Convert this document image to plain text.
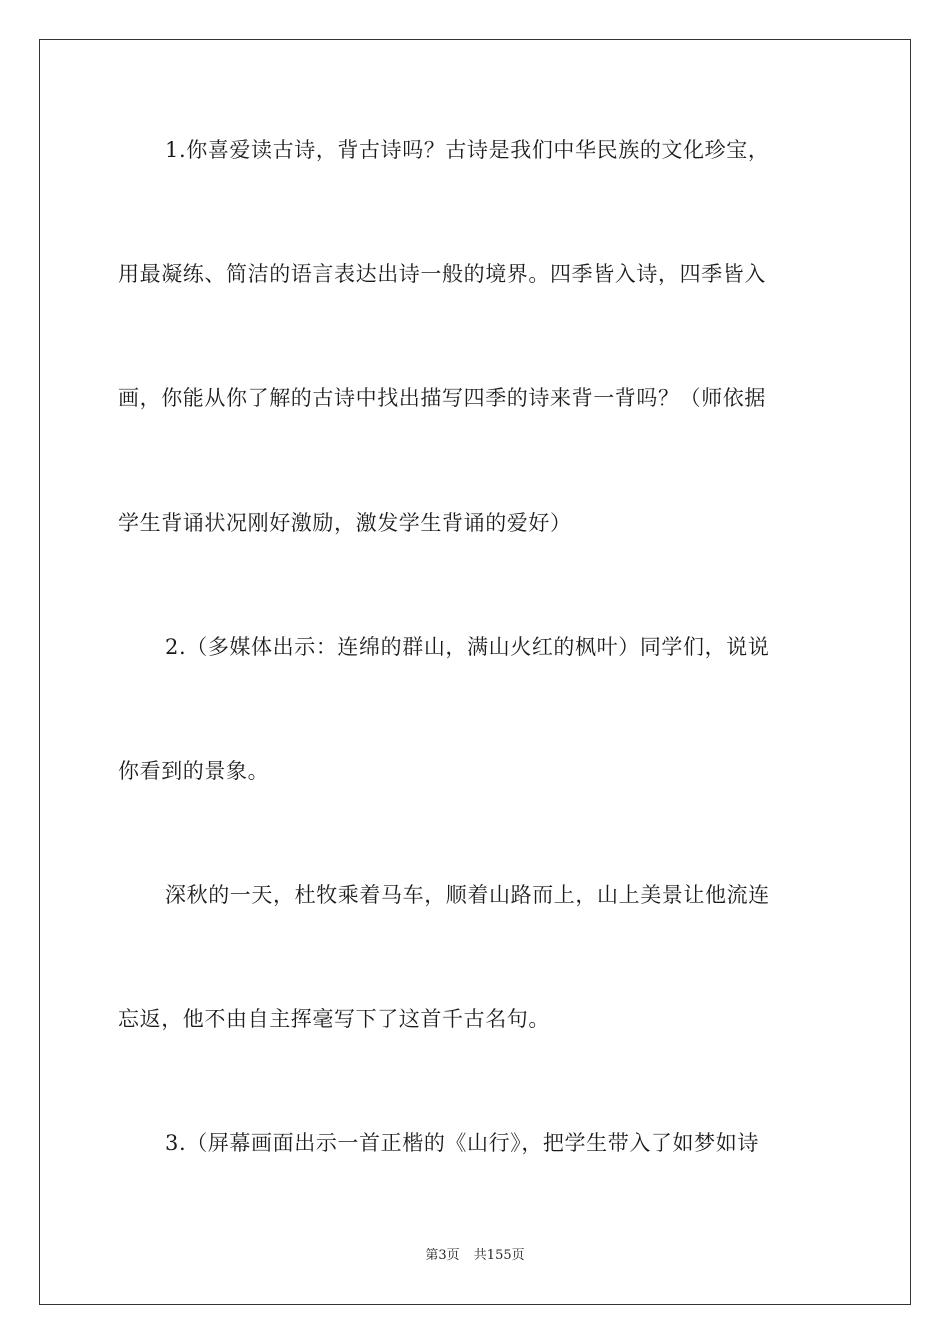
1.你喜爱读古诗，背古诗吗？古诗是我们中华民族的文化珍宝，
用最凝练、简洁的语言表达出诗一般的境界。四季皆入诗，四季皆入
画，你能从你了解的古诗中找出描写四季的诗来背一背吗？（师依据
学生背诵状况刚好激励，激发学生背诵的爱好）
2.（多媒体出示：连绵的群山，满山火红的枫叶）同学们，说说
你看到的景象。
深秋的一天，杜牧乘着马车，顺着山路而上，山上美景让他流连
忘返，他不由自主挥毫写下了这首千古名句。
3.（屏幕画面出示一首正楷的《山行》，把学生带入了如梦如诗
第3页 共155页
